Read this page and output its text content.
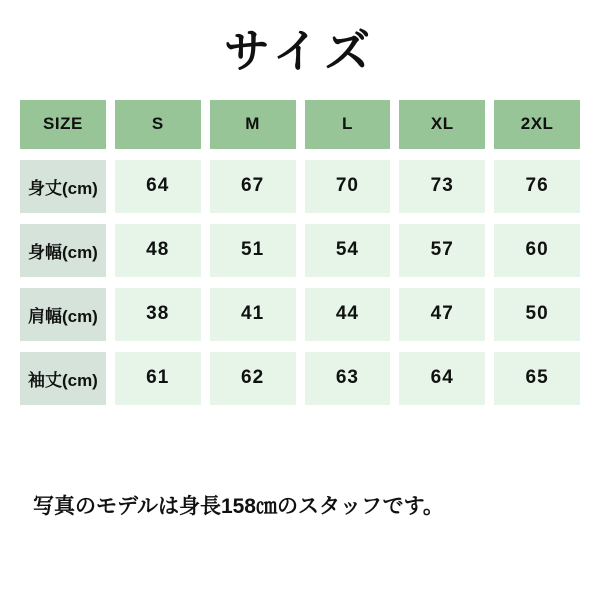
サイズ
SIZE	S	M	L	XL	2XL
身丈(cm)	64	67	70	73	76
身幅(cm)	48	51	54	57	60
肩幅(cm)	38	41	44	47	50
袖丈(cm)	61	62	63	64	65

写真のモデルは身長158㎝のスタッフです。
